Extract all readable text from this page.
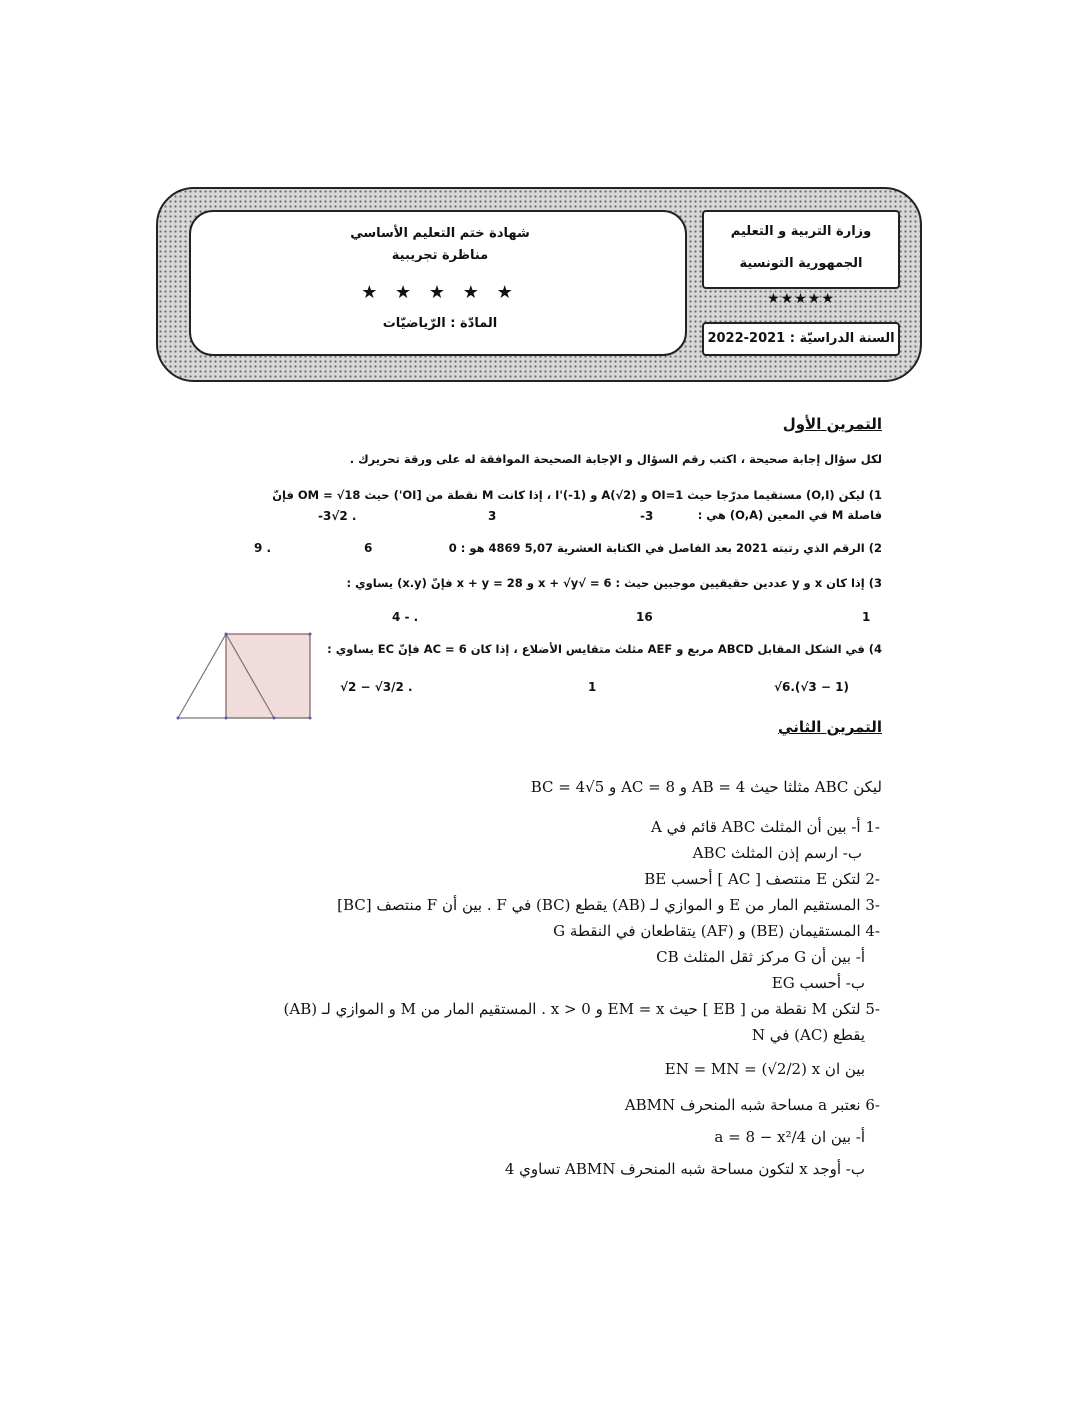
شهادة ختم التعليم الأساسي
مناظرة تجريبية
★ ★ ★ ★ ★
المادّة : الرّياضيّات
وزارة التربية و التعليم
الجمهورية التونسية
★★★★★
السنة الدراسيّة : 2021-2022
التمرين الأول
لكل سؤال إجابة صحيحة ، اكتب رقم السؤال و الإجابة الصحيحة الموافقة له على ورقة تحريرك .
1) ليكن (O,I) مستقيما مدرّجا حيث OI=1 و A(√2) و I'(-1) ، إذا كانت M نقطة من [OI') حيث OM = √18 فإنّ
فاصلة M في المعين (O,A) هي :
-3
3
-3√2 .
2) الرقم الذي رتبته 2021 بعد الفاصل في الكتابة العشرية 5,07 4869 هو : 0
6
9 .
3) إذا كان x و y عددين حقيقيين موجبين حيث : 6 = √x + √y و x + y = 28 فإنّ (x.y) يساوي :
1
16
4 - .
4) في الشكل المقابل ABCD مربع و AEF مثلث متقايس الأضلاع ، إذا كان AC = 6 فإنّ EC يساوي :
√6.(√3 − 1)
1
√2 − √3/2 .
التمرين الثاني
ليكن ABC مثلثا حيث AB = 4 و AC = 8 و BC = 4√5
-1 أ- بين أن المثلث ABC قائم في A
ب- ارسم إذن المثلث ABC
-2 لتكن E منتصف [ AC ] أحسب BE
-3 المستقيم المار من E و الموازي لـ (AB) يقطع (BC) في F . بين أن F منتصف [BC]
-4 المستقيمان (BE) و (AF) يتقاطعان في النقطة G
أ- بين أن G مركز ثقل المثلث CB
ب- أحسب EG
-5 لتكن M نقطة من [ EB ] حيث EM = x و x > 0 . المستقيم المار من M و الموازي لـ (AB)
يقطع (AC) في N
بين ان EN = MN = (√2/2) x
-6 نعتبر a مساحة شبه المنحرف ABMN
أ- بين ان a = 8 − x²/4
ب- أوجد x لتكون مساحة شبه المنحرف ABMN تساوي 4
